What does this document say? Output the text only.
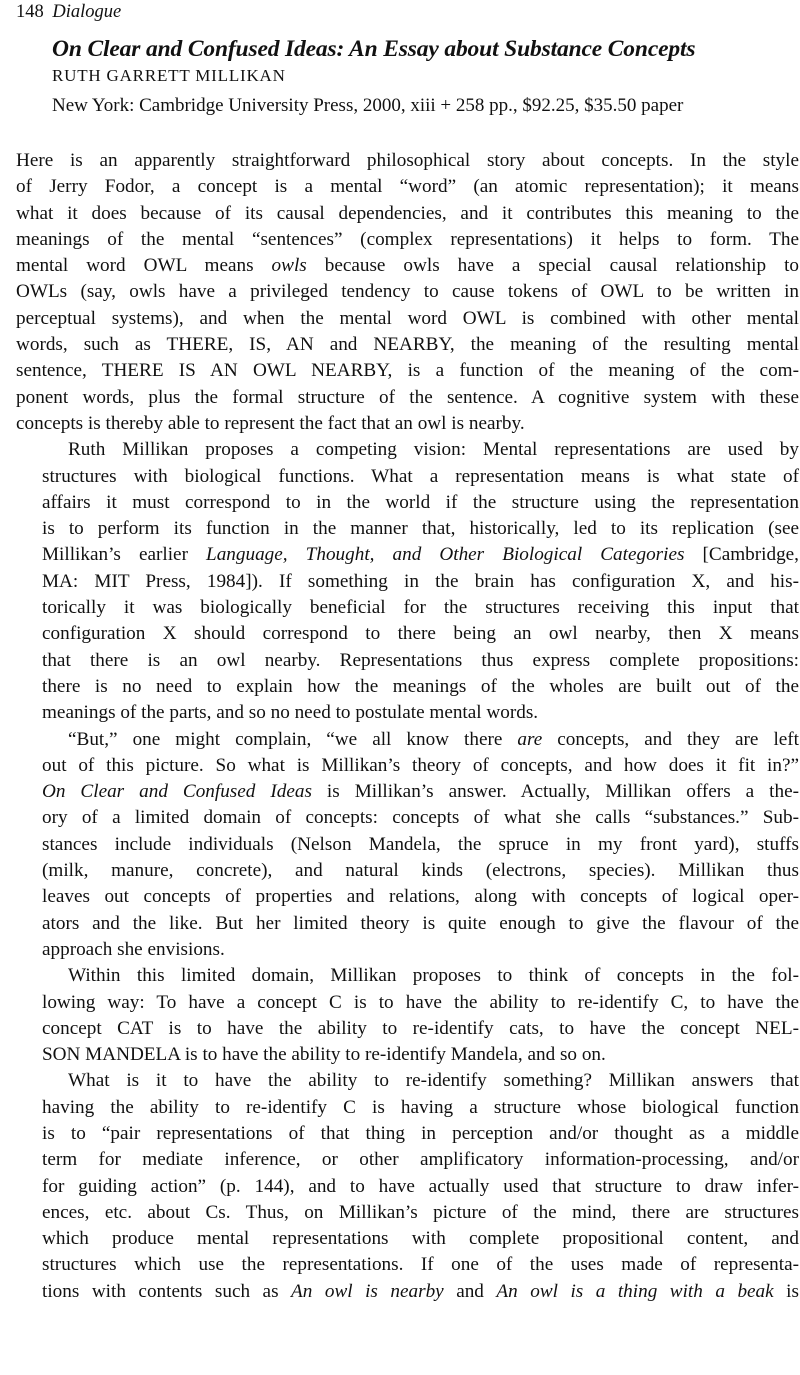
148 Dialogue
On Clear and Confused Ideas: An Essay about Substance Concepts
RUTH GARRETT MILLIKAN
New York: Cambridge University Press, 2000, xiii + 258 pp., $92.25, $35.50 paper

Here is an apparently straightforward philosophical story about concepts. In the style
of Jerry Fodor, a concept is a mental “word” (an atomic representation); it means
what it does because of its causal dependencies, and it contributes this meaning to the
meanings of the mental “sentences” (complex representations) it helps to form. The
mental word OWL means owls because owls have a special causal relationship to
OWLs (say, owls have a privileged tendency to cause tokens of OWL to be written in
perceptual systems), and when the mental word OWL is combined with other mental
words, such as THERE, IS, AN and NEARBY, the meaning of the resulting mental
sentence, THERE IS AN OWL NEARBY, is a function of the meaning of the com-
ponent words, plus the formal structure of the sentence. A cognitive system with these
concepts is thereby able to represent the fact that an owl is nearby.

Ruth Millikan proposes a competing vision: Mental representations are used by
structures with biological functions. What a representation means is what state of
affairs it must correspond to in the world if the structure using the representation
is to perform its function in the manner that, historically, led to its replication (see
Millikan’s earlier Language, Thought, and Other Biological Categories [Cambridge,
MA: MIT Press, 1984]). If something in the brain has configuration X, and his-
torically it was biologically beneficial for the structures receiving this input that
configuration X should correspond to there being an owl nearby, then X means
that there is an owl nearby. Representations thus express complete propositions:
there is no need to explain how the meanings of the wholes are built out of the
meanings of the parts, and so no need to postulate mental words.

“But,” one might complain, “we all know there are concepts, and they are left
out of this picture. So what is Millikan’s theory of concepts, and how does it fit in?”
On Clear and Confused Ideas is Millikan’s answer. Actually, Millikan offers a the-
ory of a limited domain of concepts: concepts of what she calls “substances.” Sub-
stances include individuals (Nelson Mandela, the spruce in my front yard), stuffs
(milk, manure, concrete), and natural kinds (electrons, species). Millikan thus
leaves out concepts of properties and relations, along with concepts of logical oper-
ators and the like. But her limited theory is quite enough to give the flavour of the
approach she envisions.

Within this limited domain, Millikan proposes to think of concepts in the fol-
lowing way: To have a concept C is to have the ability to re-identify C, to have the
concept CAT is to have the ability to re-identify cats, to have the concept NEL-
SON MANDELA is to have the ability to re-identify Mandela, and so on.

What is it to have the ability to re-identify something? Millikan answers that
having the ability to re-identify C is having a structure whose biological function
is to “pair representations of that thing in perception and/or thought as a middle
term for mediate inference, or other amplificatory information-processing, and/or
for guiding action” (p. 144), and to have actually used that structure to draw infer-
ences, etc. about Cs. Thus, on Millikan’s picture of the mind, there are structures
which produce mental representations with complete propositional content, and
structures which use the representations. If one of the uses made of representa-
tions with contents such as An owl is nearby and An owl is a thing with a beak is
